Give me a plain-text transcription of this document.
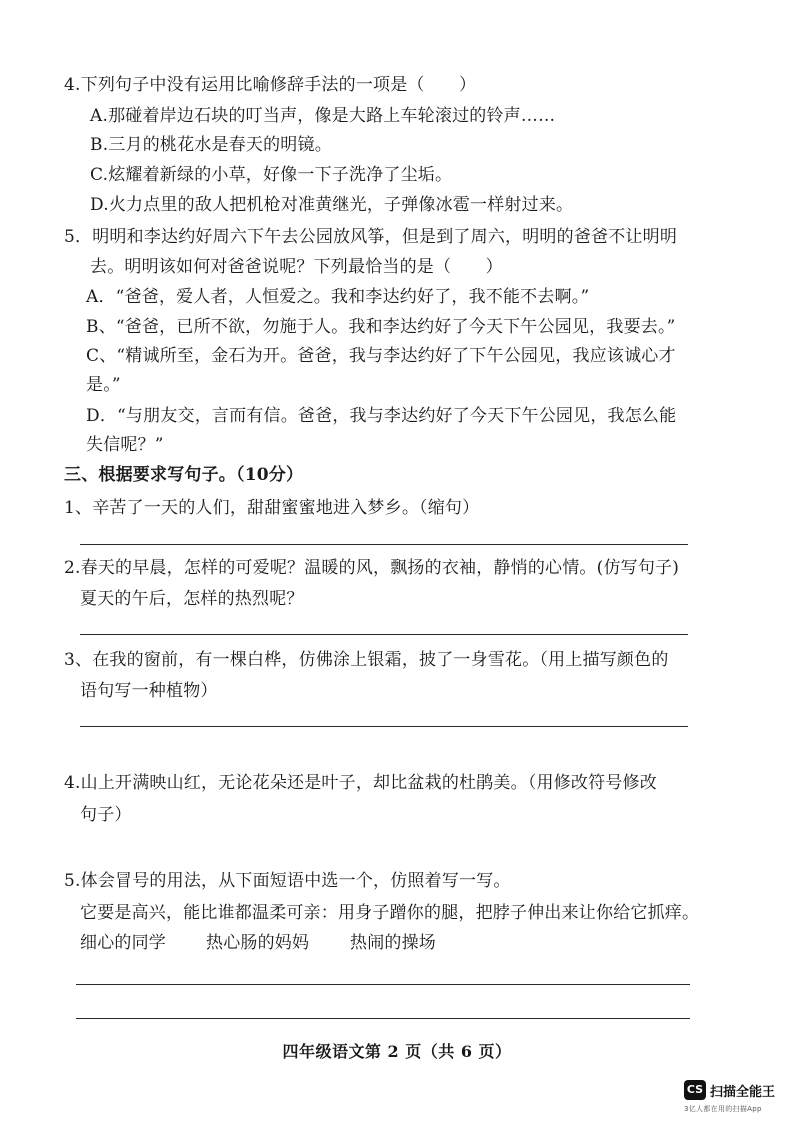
4.下列句子中没有运用比喻修辞手法的一项是（　　）
A.那碰着岸边石块的叮当声，像是大路上车轮滚过的铃声……
B.三月的桃花水是春天的明镜。
C.炫耀着新绿的小草，好像一下子洗净了尘垢。
D.火力点里的敌人把机枪对准黄继光，子弹像冰雹一样射过来。
5．明明和李达约好周六下午去公园放风筝，但是到了周六，明明的爸爸不让明明
去。明明该如何对爸爸说呢？下列最恰当的是（　　）
A．“爸爸，爱人者，人恒爱之。我和李达约好了，我不能不去啊。”
B、“爸爸，已所不欲，勿施于人。我和李达约好了今天下午公园见，我要去。”
C、“精诚所至，金石为开。爸爸，我与李达约好了下午公园见，我应该诚心才
是。”
D．“与朋友交，言而有信。爸爸，我与李达约好了今天下午公园见，我怎么能
失信呢？”
三、根据要求写句子。（10分）
1、辛苦了一天的人们，甜甜蜜蜜地进入梦乡。（缩句）
2.春天的早晨，怎样的可爱呢？温暖的风，飘扬的衣袖，静悄的心情。(仿写句子)
夏天的午后，怎样的热烈呢？
3、在我的窗前，有一棵白桦，仿佛涂上银霜，披了一身雪花。（用上描写颜色的
语句写一种植物）
4.山上开满映山红，无论花朵还是叶子，却比盆栽的杜鹃美。（用修改符号修改
句子）
5.体会冒号的用法，从下面短语中选一个，仿照着写一写。
它要是高兴，能比谁都温柔可亲：用身子蹭你的腿，把脖子伸出来让你给它抓痒。
细心的同学 热心肠的妈妈 热闹的操场
四年级语文第 2 页（共 6 页）
CS 扫描全能王
3亿人都在用的扫描App
